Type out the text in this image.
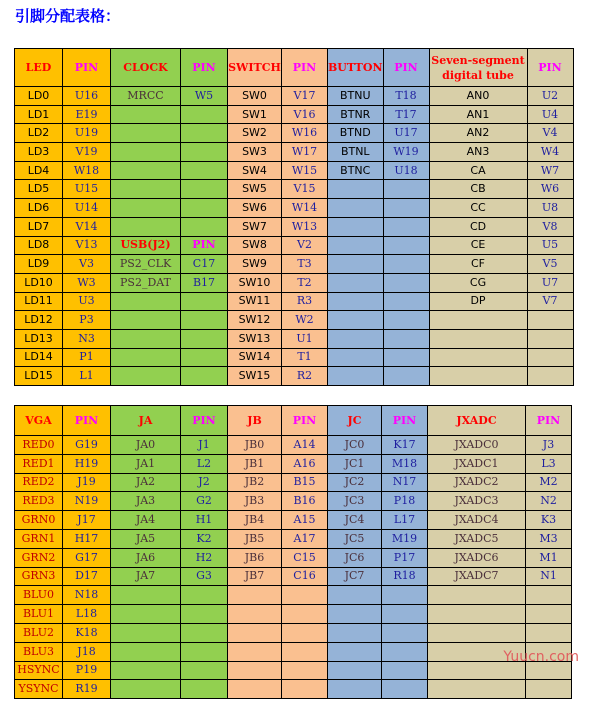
引脚分配表格：
LED	PIN	CLOCK	PIN	SWITCH	PIN	BUTTON	PIN	Seven-segment digital tube	PIN
LD0	U16	MRCC	W5	SW0	V17	BTNU	T18	AN0	U2
LD1	E19			SW1	V16	BTNR	T17	AN1	U4
LD2	U19			SW2	W16	BTND	U17	AN2	V4
LD3	V19			SW3	W17	BTNL	W19	AN3	W4
LD4	W18			SW4	W15	BTNC	U18	CA	W7
LD5	U15			SW5	V15			CB	W6
LD6	U14			SW6	W14			CC	U8
LD7	V14			SW7	W13			CD	V8
LD8	V13	USB(J2)	PIN	SW8	V2			CE	U5
LD9	V3	PS2_CLK	C17	SW9	T3			CF	V5
LD10	W3	PS2_DAT	B17	SW10	T2			CG	U7
LD11	U3			SW11	R3			DP	V7
LD12	P3			SW12	W2				
LD13	N3			SW13	U1				
LD14	P1			SW14	T1				
LD15	L1			SW15	R2				
VGA	PIN	JA	PIN	JB	PIN	JC	PIN	JXADC	PIN
RED0	G19	JA0	J1	JB0	A14	JC0	K17	JXADC0	J3
RED1	H19	JA1	L2	JB1	A16	JC1	M18	JXADC1	L3
RED2	J19	JA2	J2	JB2	B15	JC2	N17	JXADC2	M2
RED3	N19	JA3	G2	JB3	B16	JC3	P18	JXADC3	N2
GRN0	J17	JA4	H1	JB4	A15	JC4	L17	JXADC4	K3
GRN1	H17	JA5	K2	JB5	A17	JC5	M19	JXADC5	M3
GRN2	G17	JA6	H2	JB6	C15	JC6	P17	JXADC6	M1
GRN3	D17	JA7	G3	JB7	C16	JC7	R18	JXADC7	N1
BLU0	N18								
BLU1	L18								
BLU2	K18								
BLU3	J18								
HSYNC	P19								
YSYNC	R19								
Yuucn.com
